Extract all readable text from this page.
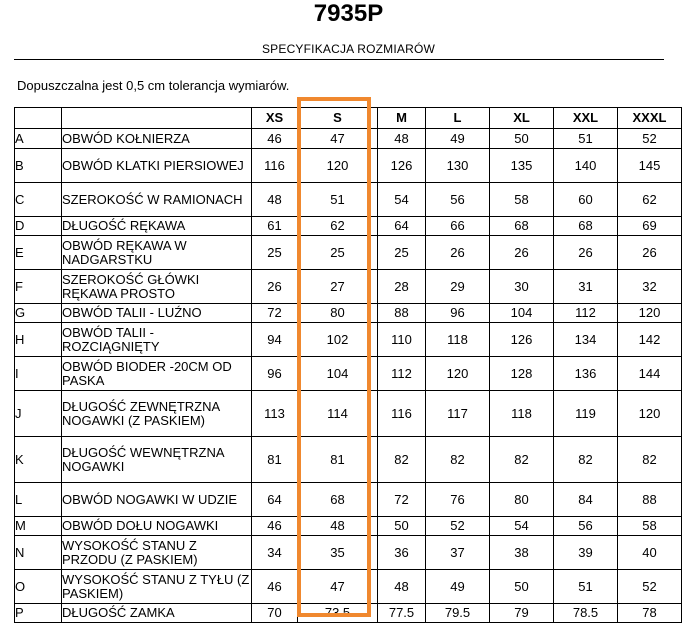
7935P
SPECYFIKACJA ROZMIARÓW
Dopuszczalna jest 0,5 cm tolerancja wymiarów.
		XS	S	M	L	XL	XXL	XXXL
A	OBWÓD KOŁNIERZA	46	47	48	49	50	51	52
B	OBWÓD KLATKI PIERSIOWEJ	116	120	126	130	135	140	145
C	SZEROKOŚĆ W RAMIONACH	48	51	54	56	58	60	62
D	DŁUGOŚĆ RĘKAWA	61	62	64	66	68	68	69
E	OBWÓD RĘKAWA W NADGARSTKU	25	25	25	26	26	26	26
F	SZEROKOŚĆ GŁÓWKI RĘKAWA PROSTO	26	27	28	29	30	31	32
G	OBWÓD TALII - LUŹNO	72	80	88	96	104	112	120
H	OBWÓD TALII - ROZCIĄGNIĘTY	94	102	110	118	126	134	142
I	OBWÓD BIODER -20CM OD PASKA	96	104	112	120	128	136	144
J	DŁUGOŚĆ ZEWNĘTRZNA NOGAWKI (Z PASKIEM)	113	114	116	117	118	119	120
K	DŁUGOŚĆ WEWNĘTRZNA NOGAWKI	81	81	82	82	82	82	82
L	OBWÓD NOGAWKI W UDZIE	64	68	72	76	80	84	88
M	OBWÓD DOŁU NOGAWKI	46	48	50	52	54	56	58
N	WYSOKOŚĆ STANU Z PRZODU (Z PASKIEM)	34	35	36	37	38	39	40
O	WYSOKOŚĆ STANU Z TYŁU (Z PASKIEM)	46	47	48	49	50	51	52
P	DŁUGOŚĆ ZAMKA	70	73.5	77.5	79.5	79	78.5	78
